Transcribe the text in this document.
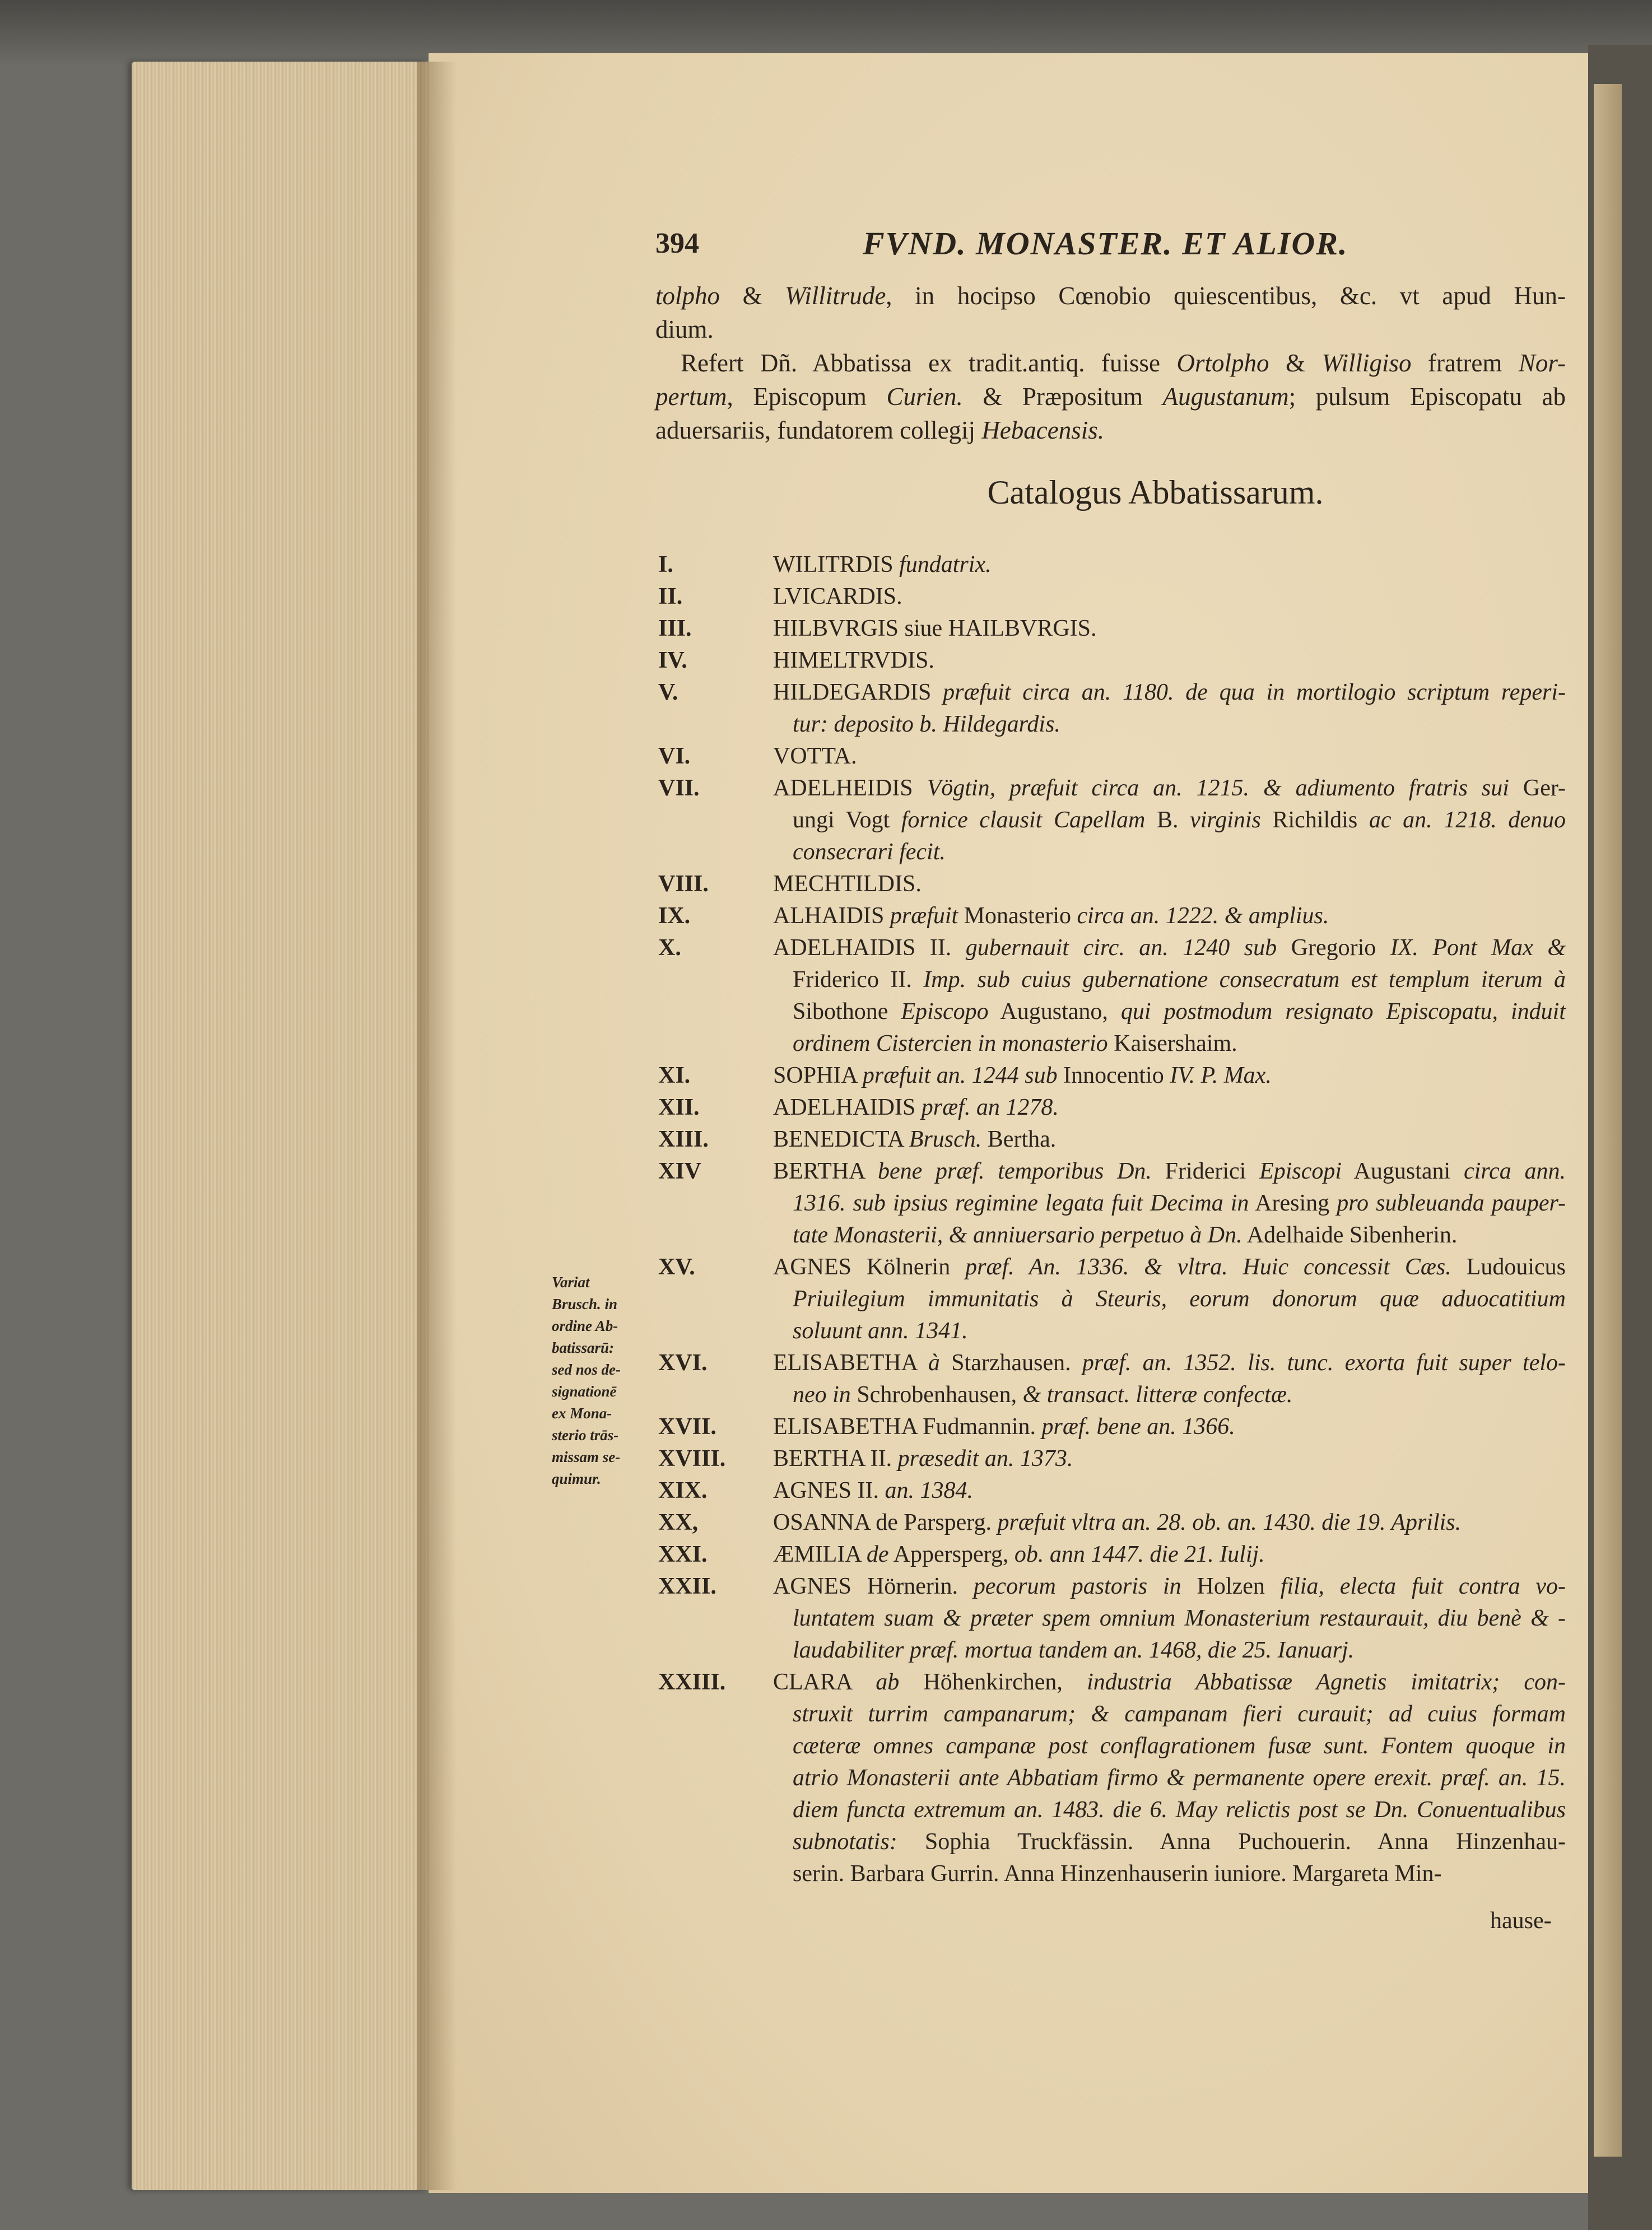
394	FVND. MONASTER. ET ALIOR.
tolpho & Willitrude, in hocipso Cœnobio quiescentibus, &c. vt apud Hun-
dium.
 Refert Dñ. Abbatissa ex tradit.antiq. fuisse Ortolpho & Willigiso fratrem Nor-
pertum, Episcopum Curien. & Præpositum Augustanum; pulsum Episcopatu ab
aduersariis, fundatorem collegij Hebacensis.
Catalogus Abbatissarum.
I.	WILITRDIS fundatrix.
II.	LVICARDIS.
III.	HILBVRGIS siue HAILBVRGIS.
IV.	HIMELTRVDIS.
V.	HILDEGARDIS præfuit circa an. 1180. de qua in mortilogio scriptum reperi-
tur: deposito b. Hildegardis.
VI.	VOTTA.
VII.	ADELHEIDIS Vögtin, præfuit circa an. 1215. & adiumento fratris sui Ger-
ungi Vogt fornice clausit Capellam B. virginis Richildis ac an. 1218. denuo
consecrari fecit.
VIII.	MECHTILDIS.
IX.	ALHAIDIS præfuit Monasterio circa an. 1222. & amplius.
X.	ADELHAIDIS II. gubernauit circ. an. 1240 sub Gregorio IX. Pont Max &
Friderico II. Imp. sub cuius gubernatione consecratum est templum iterum à
Sibothone Episcopo Augustano, qui postmodum resignato Episcopatu, induit
ordinem Cistercien in monasterio Kaisershaim.
XI.	SOPHIA præfuit an. 1244 sub Innocentio IV. P. Max.
XII.	ADELHAIDIS præf. an 1278.
XIII.	BENEDICTA Brusch. Bertha.
XIV	BERTHA bene præf. temporibus Dn. Friderici Episcopi Augustani circa ann.
1316. sub ipsius regimine legata fuit Decima in Aresing pro subleuanda pauper-
tate Monasterii, & anniuersario perpetuo à Dn. Adelhaide Sibenherin.
XV.	AGNES Kölnerin præf. An. 1336. & vltra. Huic concessit Cæs. Ludouicus
Priuilegium immunitatis à Steuris, eorum donorum quæ aduocatitium
soluunt ann. 1341.
XVI.	ELISABETHA à Starzhausen. præf. an. 1352. lis. tunc. exorta fuit super telo-
neo in Schrobenhausen, & transact. litteræ confectæ.
XVII. ELISABETHA Fudmannin. præf. bene an. 1366.
XVIII. BERTHA II. præsedit an. 1373.
XIX.	AGNES II. an. 1384.
XX,	OSANNA de Parsperg. præfuit vltra an. 28. ob. an. 1430. die 19. Aprilis.
XXI.	ÆMILIA de Appersperg, ob. ann 1447. die 21. Iulij.
XXII. AGNES Hörnerin. pecorum pastoris in Holzen filia, electa fuit contra vo-
luntatem suam & præter spem omnium Monasterium restaurauit, diu benè & -
laudabiliter præf. mortua tandem an. 1468, die 25. Ianuarj.
XXIII. CLARA ab Höhenkirchen, industria Abbatissæ Agnetis imitatrix; con-
struxit turrim campanarum; & campanam fieri curauit; ad cuius formam
cæteræ omnes campanæ post conflagrationem fusæ sunt. Fontem quoque in
atrio Monasterii ante Abbatiam firmo & permanente opere erexit. præf. an. 15.
diem functa extremum an. 1483. die 6. May relictis post se Dn. Conuentualibus
subnotatis: Sophia Truckfässin. Anna Puchouerin. Anna Hinzenhau-
serin. Barbara Gurrin. Anna Hinzenhauserin iuniore. Margareta Min-
Variat
Brusch. in
ordine Ab-
batissarū:
sed nos de-
signationē
ex Mona-
sterio trās-
missam se-
quimur.
hause-
